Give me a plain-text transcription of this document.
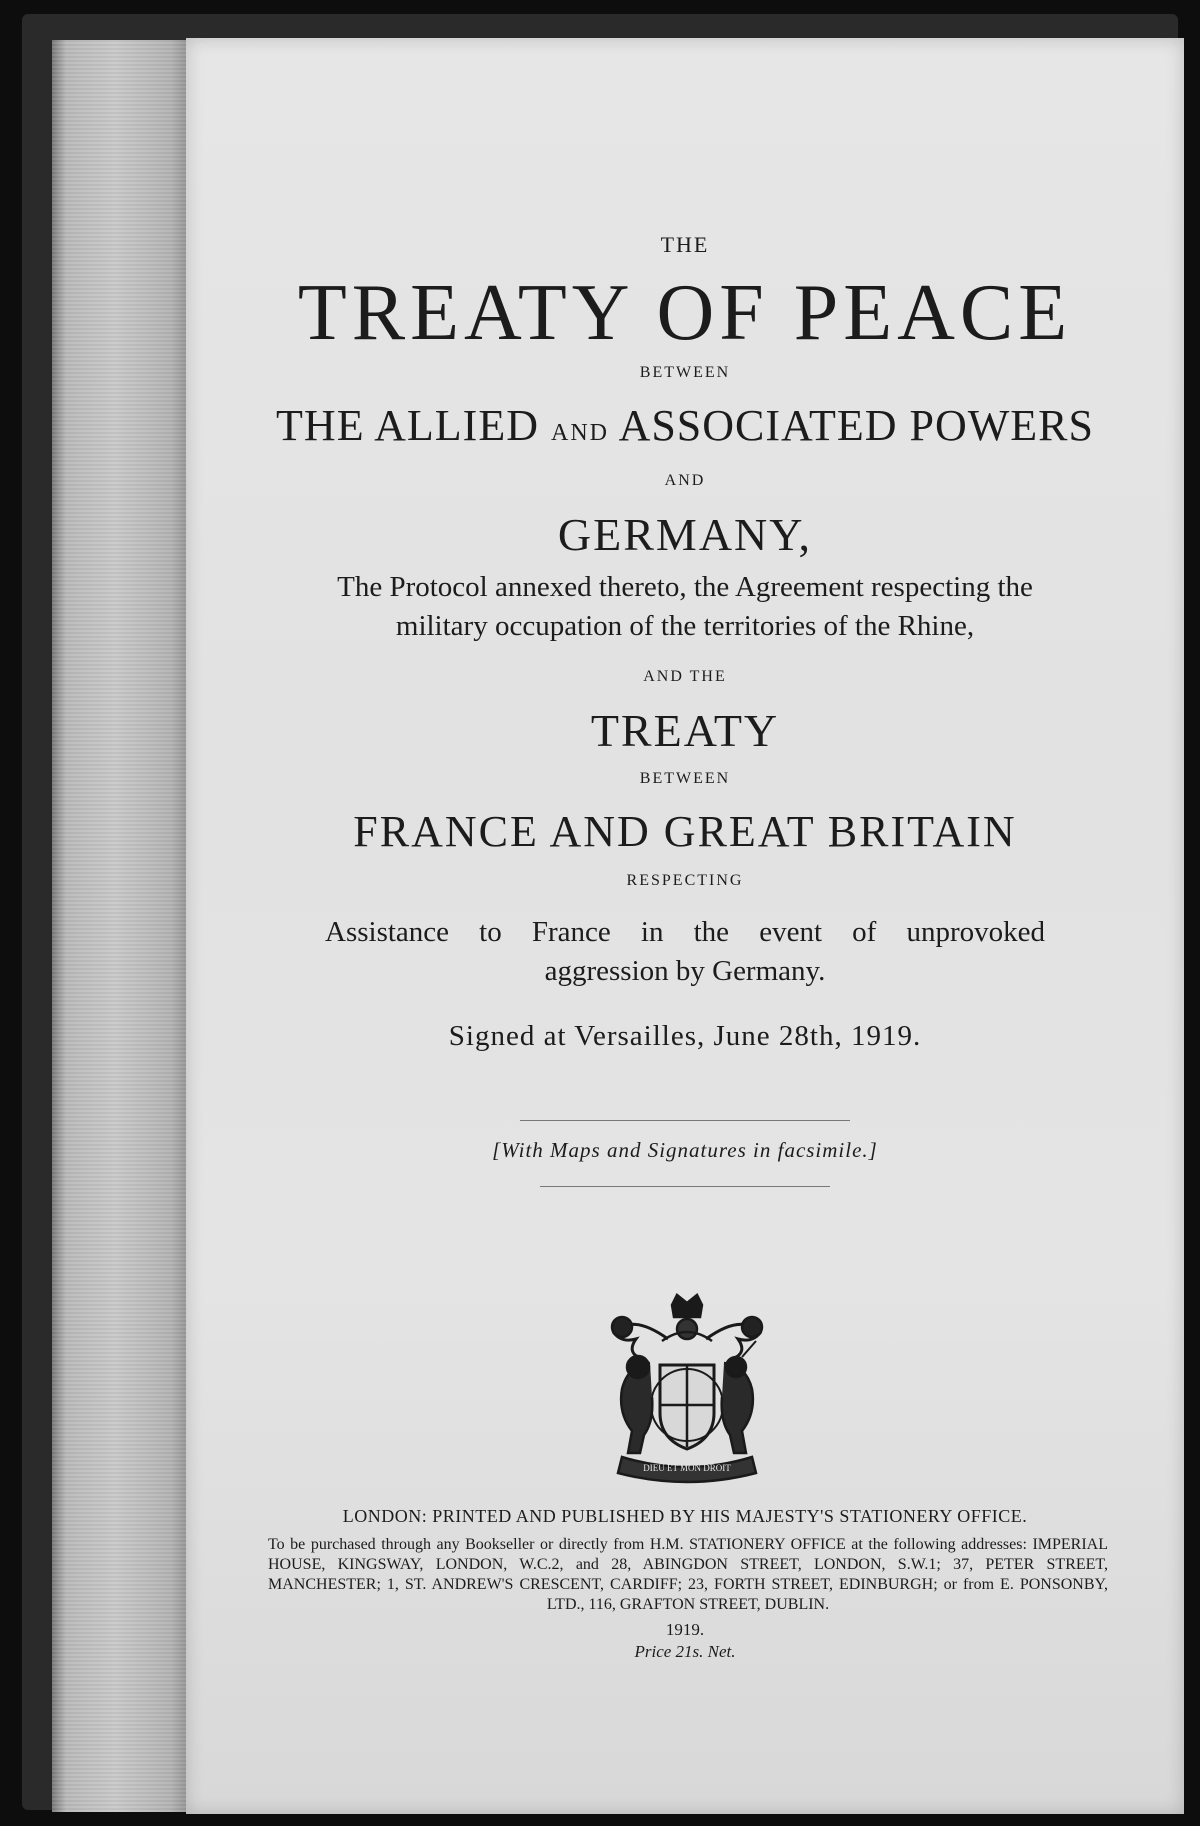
THE
TREATY OF PEACE
BETWEEN
THE ALLIED AND ASSOCIATED POWERS
AND
GERMANY,
The Protocol annexed thereto, the Agreement respecting the military occupation of the territories of the Rhine,
AND THE
TREATY
BETWEEN
FRANCE AND GREAT BRITAIN
RESPECTING
Assistance to France in the event of unprovoked
aggression by Germany.
Signed at Versailles, June 28th, 1919.
[With Maps and Signatures in facsimile.]
DIEU ET MON DROIT
LONDON: PRINTED AND PUBLISHED BY HIS MAJESTY'S STATIONERY OFFICE.
To be purchased through any Bookseller or directly from H.M. STATIONERY OFFICE at the following addresses: IMPERIAL HOUSE, KINGSWAY, LONDON, W.C.2, and 28, ABINGDON STREET, LONDON, S.W.1; 37, PETER STREET, MANCHESTER; 1, ST. ANDREW'S CRESCENT, CARDIFF; 23, FORTH STREET, EDINBURGH; or from E. PONSONBY, LTD., 116, GRAFTON STREET, DUBLIN.
1919.
Price 21s. Net.
